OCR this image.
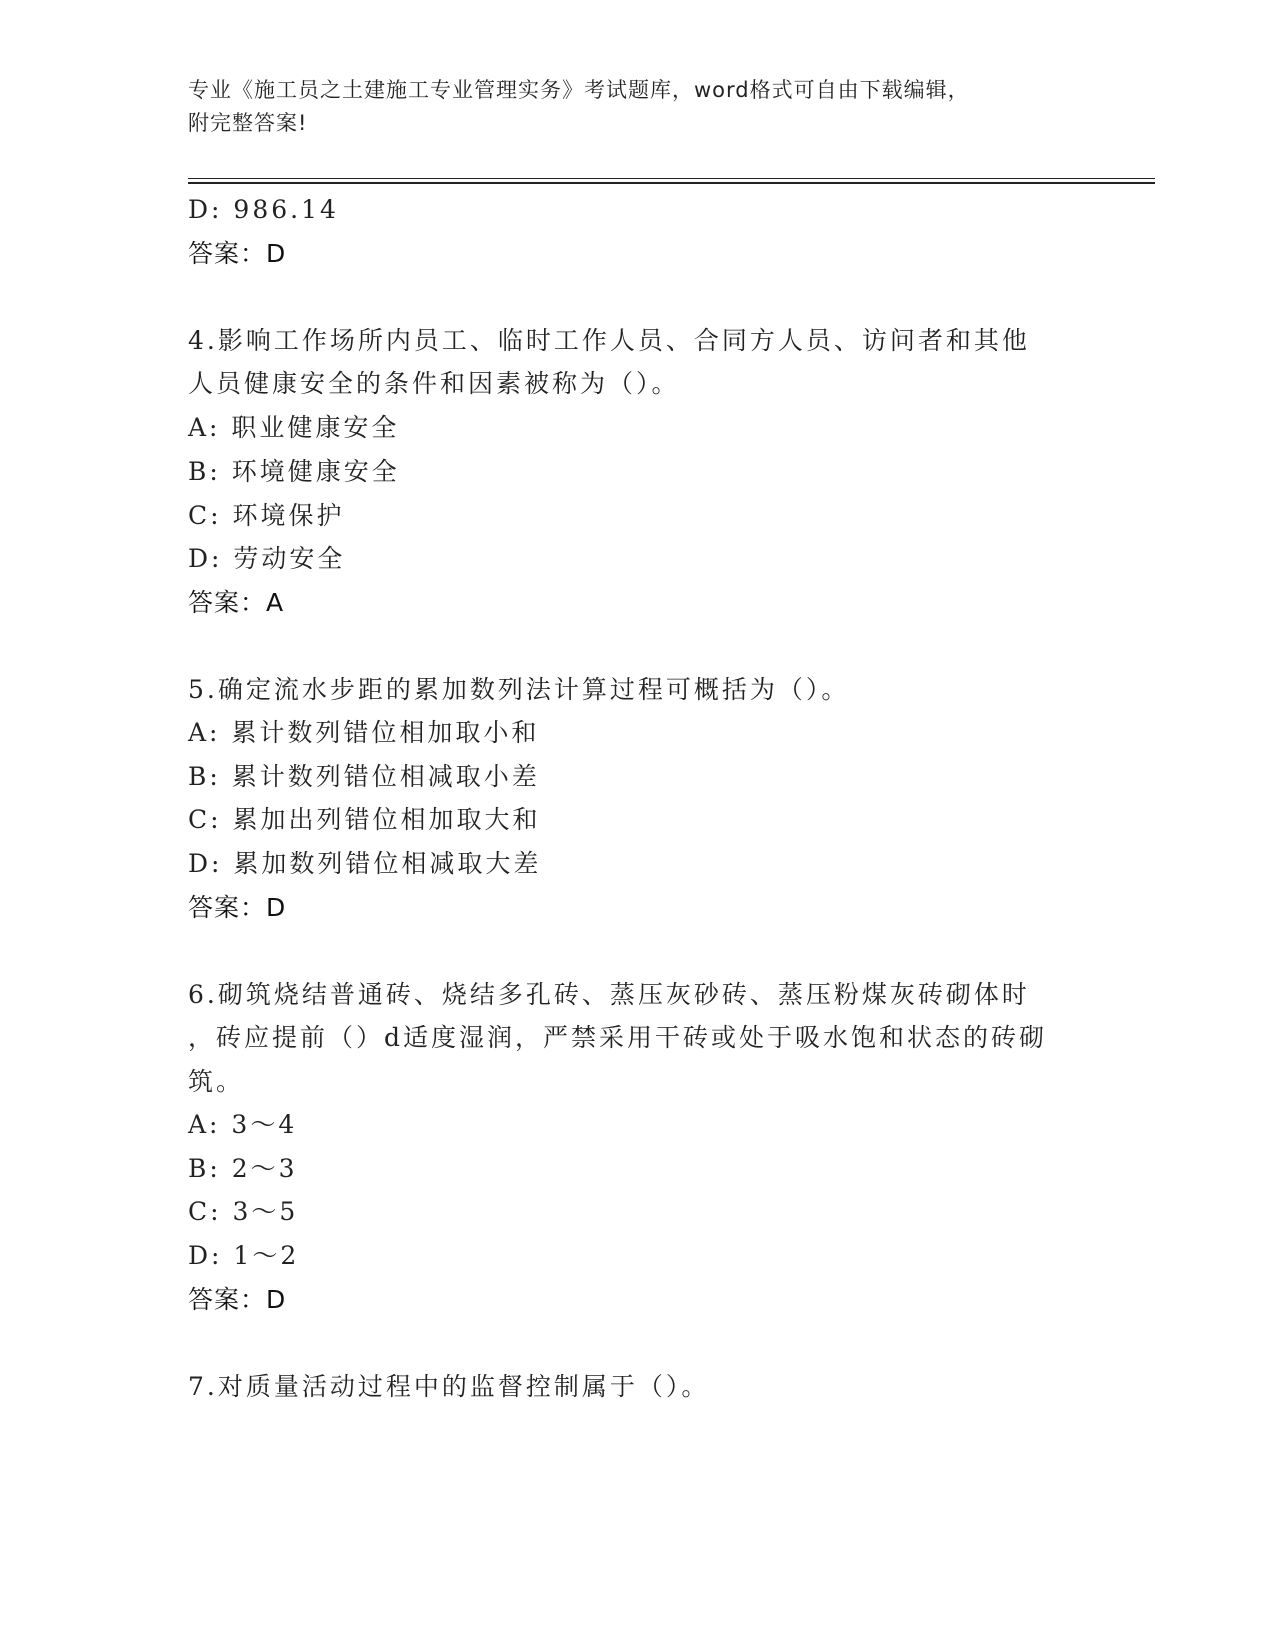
专业《施工员之土建施工专业管理实务》考试题库，word格式可自由下载编辑，
附完整答案!
D: 986.14
答案：D
4.影响工作场所内员工、临时工作人员、合同方人员、访问者和其他
人员健康安全的条件和因素被称为（）。
A: 职业健康安全
B: 环境健康安全
C: 环境保护
D: 劳动安全
答案：A
5.确定流水步距的累加数列法计算过程可概括为（）。
A: 累计数列错位相加取小和
B: 累计数列错位相减取小差
C: 累加出列错位相加取大和
D: 累加数列错位相减取大差
答案：D
6.砌筑烧结普通砖、烧结多孔砖、蒸压灰砂砖、蒸压粉煤灰砖砌体时
，砖应提前（）d适度湿润，严禁采用干砖或处于吸水饱和状态的砖砌
筑。
A: 3～4
B: 2～3
C: 3～5
D: 1～2
答案：D
7.对质量活动过程中的监督控制属于（）。
